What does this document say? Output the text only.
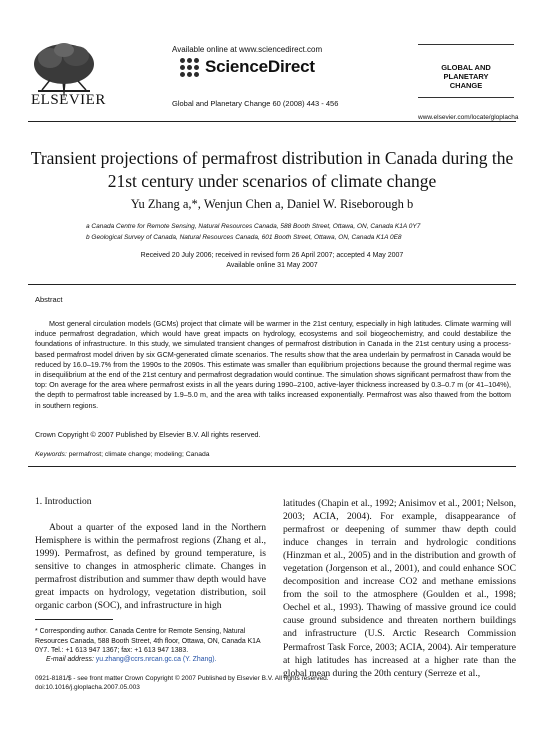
ELSEVIER
Available online at www.sciencedirect.com
ScienceDirect
Global and Planetary Change 60 (2008) 443 - 456
GLOBAL AND PLANETARY
CHANGE
www.elsevier.com/locate/gloplacha
Transient projections of permafrost distribution in Canada during the
21st century under scenarios of climate change
Yu Zhang a,*, Wenjun Chen a, Daniel W. Riseborough b
a Canada Centre for Remote Sensing, Natural Resources Canada, 588 Booth Street, Ottawa, ON, Canada K1A 0Y7
b Geological Survey of Canada, Natural Resources Canada, 601 Booth Street, Ottawa, ON, Canada K1A 0E8
Received 20 July 2006; received in revised form 26 April 2007; accepted 4 May 2007
Available online 31 May 2007
Abstract
Most general circulation models (GCMs) project that climate will be warmer in the 21st century, especially in high latitudes. Climate warming will induce permafrost degradation, which would have great impacts on hydrology, ecosystems and soil biogeochemistry, and could destabilize the foundations of infrastructure. In this study, we simulated transient changes of permafrost distribution in Canada in the 21st century using a process-based permafrost model driven by six GCM-generated climate scenarios. The results show that the area underlain by permafrost in Canada would be reduced by 16.0–19.7% from the 1990s to the 2090s. This estimate was smaller than equilibrium projections because the ground thermal regime was in disequilibrium at the end of the 21st century and permafrost degradation would continue. The simulation shows significant permafrost thaw from the top: On average for the area where permafrost exists in all the years during 1990–2100, active-layer thickness increased by 0.3–0.7 m (or 41–104%), the depth to permafrost table increased by 1.9–5.0 m, and the area with taliks increased exponentially. Permafrost was also thawed from the bottom in southern regions.
Crown Copyright © 2007 Published by Elsevier B.V. All rights reserved.
Keywords: permafrost; climate change; modeling; Canada
1. Introduction
About a quarter of the exposed land in the Northern Hemisphere is within the permafrost regions (Zhang et al., 1999). Permafrost, as defined by ground temperature, is sensitive to changes in atmospheric climate. Changes in permafrost distribution and summer thaw depth would have great impacts on hydrology, vegetation distribution, soil organic carbon (SOC), and infrastructure in high
latitudes (Chapin et al., 1992; Anisimov et al., 2001; Nelson, 2003; ACIA, 2004). For example, disappearance of permafrost or deepening of summer thaw depth could induce changes in terrain and hydrologic conditions (Hinzman et al., 2005) and in the distribution and growth of vegetation (Jorgenson et al., 2001), and could enhance SOC decomposition and increase CO2 and methane emissions from the soil to the atmosphere (Goulden et al., 1998; Oechel et al., 1993). Thawing of massive ground ice could cause ground subsidence and threaten northern buildings and infrastructure (U.S. Arctic Research Commission Permafrost Task Force, 2003; ACIA, 2004). Air temperature at high latitudes has increased at a higher rate than the global mean during the 20th century (Serreze et al.,
* Corresponding author. Canada Centre for Remote Sensing, Natural Resources Canada, 588 Booth Street, 4th floor, Ottawa, ON, Canada K1A 0Y7. Tel.: +1 613 947 1367; fax: +1 613 947 1383.
E-mail address: yu.zhang@ccrs.nrcan.gc.ca (Y. Zhang).
0921-8181/$ - see front matter Crown Copyright © 2007 Published by Elsevier B.V. All rights reserved.
doi:10.1016/j.gloplacha.2007.05.003
